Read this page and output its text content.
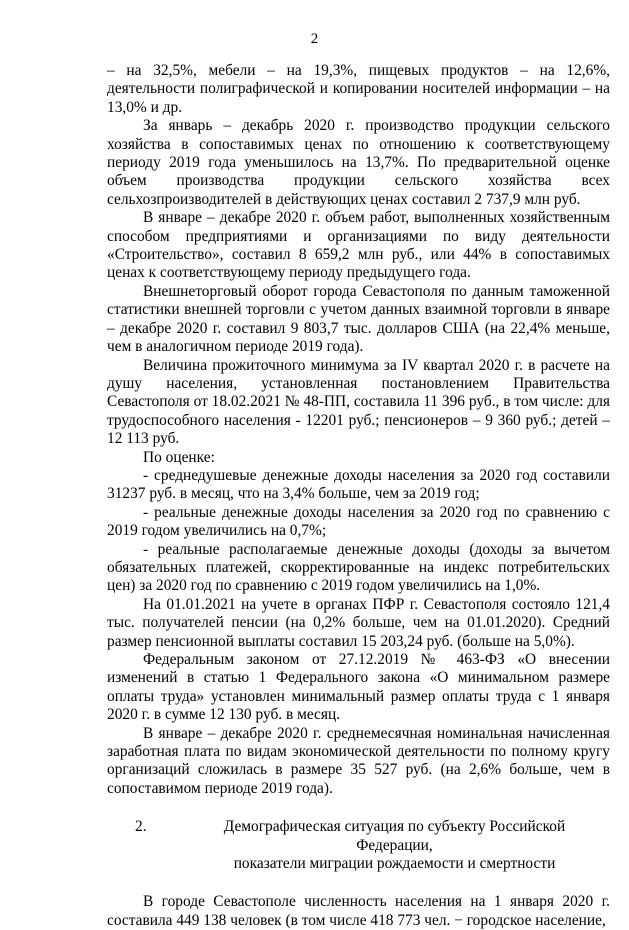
2

– на 32,5%, мебели – на 19,3%, пищевых продуктов – на 12,6%, деятельности полиграфической и копировании носителей информации – на 13,0% и др.

За январь – декабрь 2020 г. производство продукции сельского хозяйства в сопоставимых ценах по отношению к соответствующему периоду 2019 года уменьшилось на 13,7%. По предварительной оценке объем производства продукции сельского хозяйства всех сельхозпроизводителей в действующих ценах составил 2 737,9 млн руб.

В январе – декабре 2020 г. объем работ, выполненных хозяйственным способом предприятиями и организациями по виду деятельности «Строительство», составил 8 659,2 млн руб., или 44% в сопоставимых ценах к соответствующему периоду предыдущего года.

Внешнеторговый оборот города Севастополя по данным таможенной статистики внешней торговли с учетом данных взаимной торговли в январе – декабре 2020 г. составил 9 803,7 тыс. долларов США (на 22,4% меньше, чем в аналогичном периоде 2019 года).

Величина прожиточного минимума за IV квартал 2020 г. в расчете на душу населения, установленная постановлением Правительства Севастополя от 18.02.2021 № 48-ПП, составила 11 396 руб., в том числе: для трудоспособного населения - 12201 руб.; пенсионеров – 9 360 руб.; детей – 12 113 руб.

По оценке:

- среднедушевые денежные доходы населения за 2020 год составили 31237 руб. в месяц, что на 3,4% больше, чем за 2019 год;

- реальные денежные доходы населения за 2020 год по сравнению с 2019 годом увеличились на 0,7%;

- реальные располагаемые денежные доходы (доходы за вычетом обязательных платежей, скорректированные на индекс потребительских цен) за 2020 год по сравнению с 2019 годом увеличились на 1,0%.

На 01.01.2021 на учете в органах ПФР г. Севастополя состояло 121,4 тыс. получателей пенсии (на 0,2% больше, чем на 01.01.2020). Средний размер пенсионной выплаты составил 15 203,24 руб. (больше на 5,0%).

Федеральным законом от 27.12.2019 № 463-ФЗ «О внесении изменений в статью 1 Федерального закона «О минимальном размере оплаты труда» установлен минимальный размер оплаты труда с 1 января 2020 г. в сумме 12 130 руб. в месяц.

В январе – декабре 2020 г. среднемесячная номинальная начисленная заработная плата по видам экономической деятельности по полному кругу организаций сложилась в размере 35 527 руб. (на 2,6% больше, чем в сопоставимом периоде 2019 года).

2.	Демографическая ситуация по субъекту Российской Федерации,
показатели миграции рождаемости и смертности

В городе Севастополе численность населения на 1 января 2020 г. составила 449 138 человек (в том числе 418 773 чел. − городское население,
